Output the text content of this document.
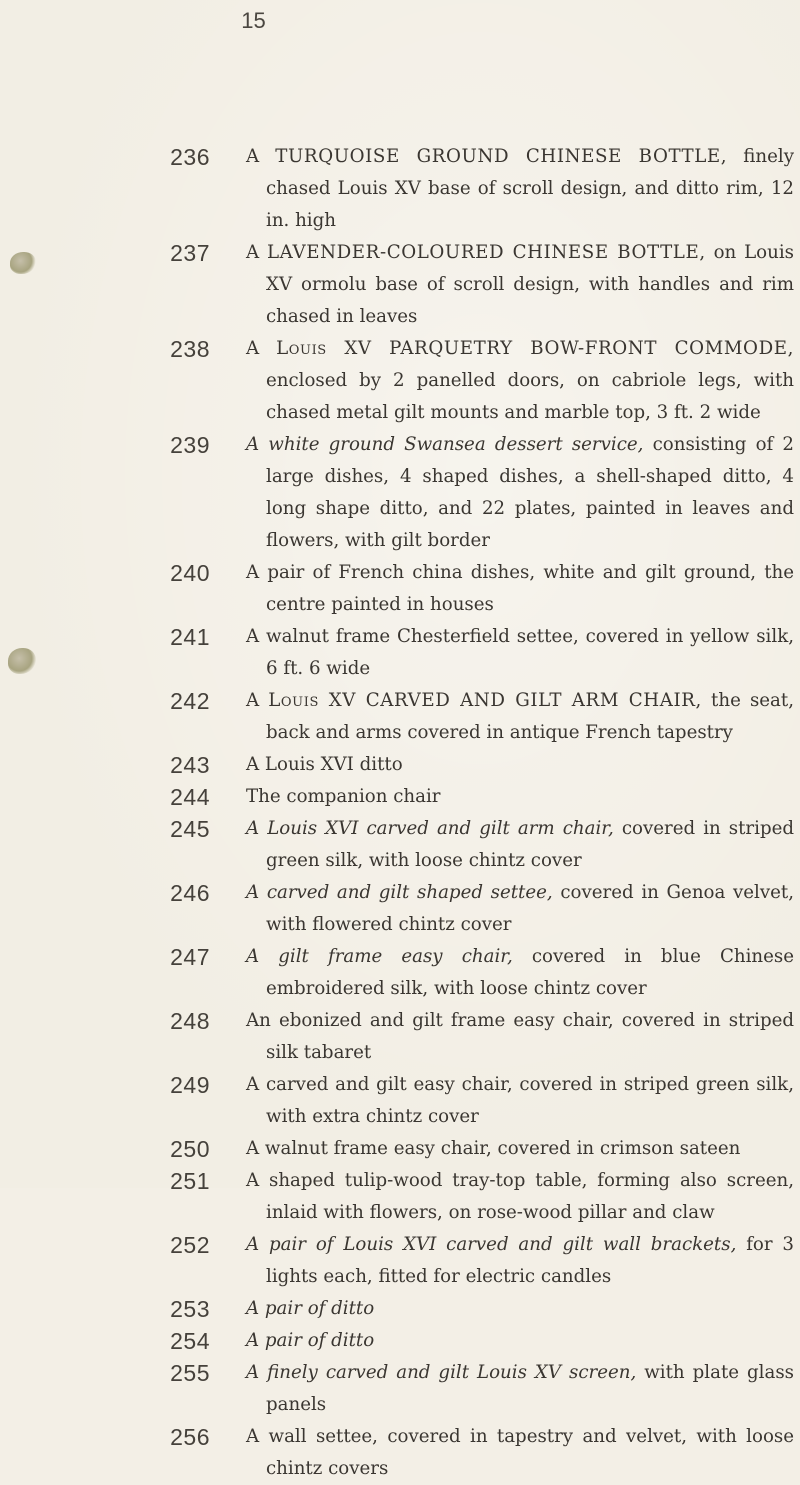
15
236 A TURQUOISE GROUND CHINESE BOTTLE, finely chased Louis XV base of scroll design, and ditto rim, 12 in. high
237 A LAVENDER-COLOURED CHINESE BOTTLE, on Louis XV ormolu base of scroll design, with handles and rim chased in leaves
238 A Louis XV PARQUETRY BOW-FRONT COMMODE, enclosed by 2 panelled doors, on cabriole legs, with chased metal gilt mounts and marble top, 3 ft. 2 wide
239 A white ground Swansea dessert service, consisting of 2 large dishes, 4 shaped dishes, a shell-shaped ditto, 4 long shape ditto, and 22 plates, painted in leaves and flowers, with gilt border
240 A pair of French china dishes, white and gilt ground, the centre painted in houses
241 A walnut frame Chesterfield settee, covered in yellow silk, 6 ft. 6 wide
242 A Louis XV CARVED AND GILT ARM CHAIR, the seat, back and arms covered in antique French tapestry
243 A Louis XVI ditto
244 The companion chair
245 A Louis XVI carved and gilt arm chair, covered in striped green silk, with loose chintz cover
246 A carved and gilt shaped settee, covered in Genoa velvet, with flowered chintz cover
247 A gilt frame easy chair, covered in blue Chinese embroidered silk, with loose chintz cover
248 An ebonized and gilt frame easy chair, covered in striped silk tabaret
249 A carved and gilt easy chair, covered in striped green silk, with extra chintz cover
250 A walnut frame easy chair, covered in crimson sateen
251 A shaped tulip-wood tray-top table, forming also screen, inlaid with flowers, on rose-wood pillar and claw
252 A pair of Louis XVI carved and gilt wall brackets, for 3 lights each, fitted for electric candles
253 A pair of ditto
254 A pair of ditto
255 A finely carved and gilt Louis XV screen, with plate glass panels
256 A wall settee, covered in tapestry and velvet, with loose chintz covers
